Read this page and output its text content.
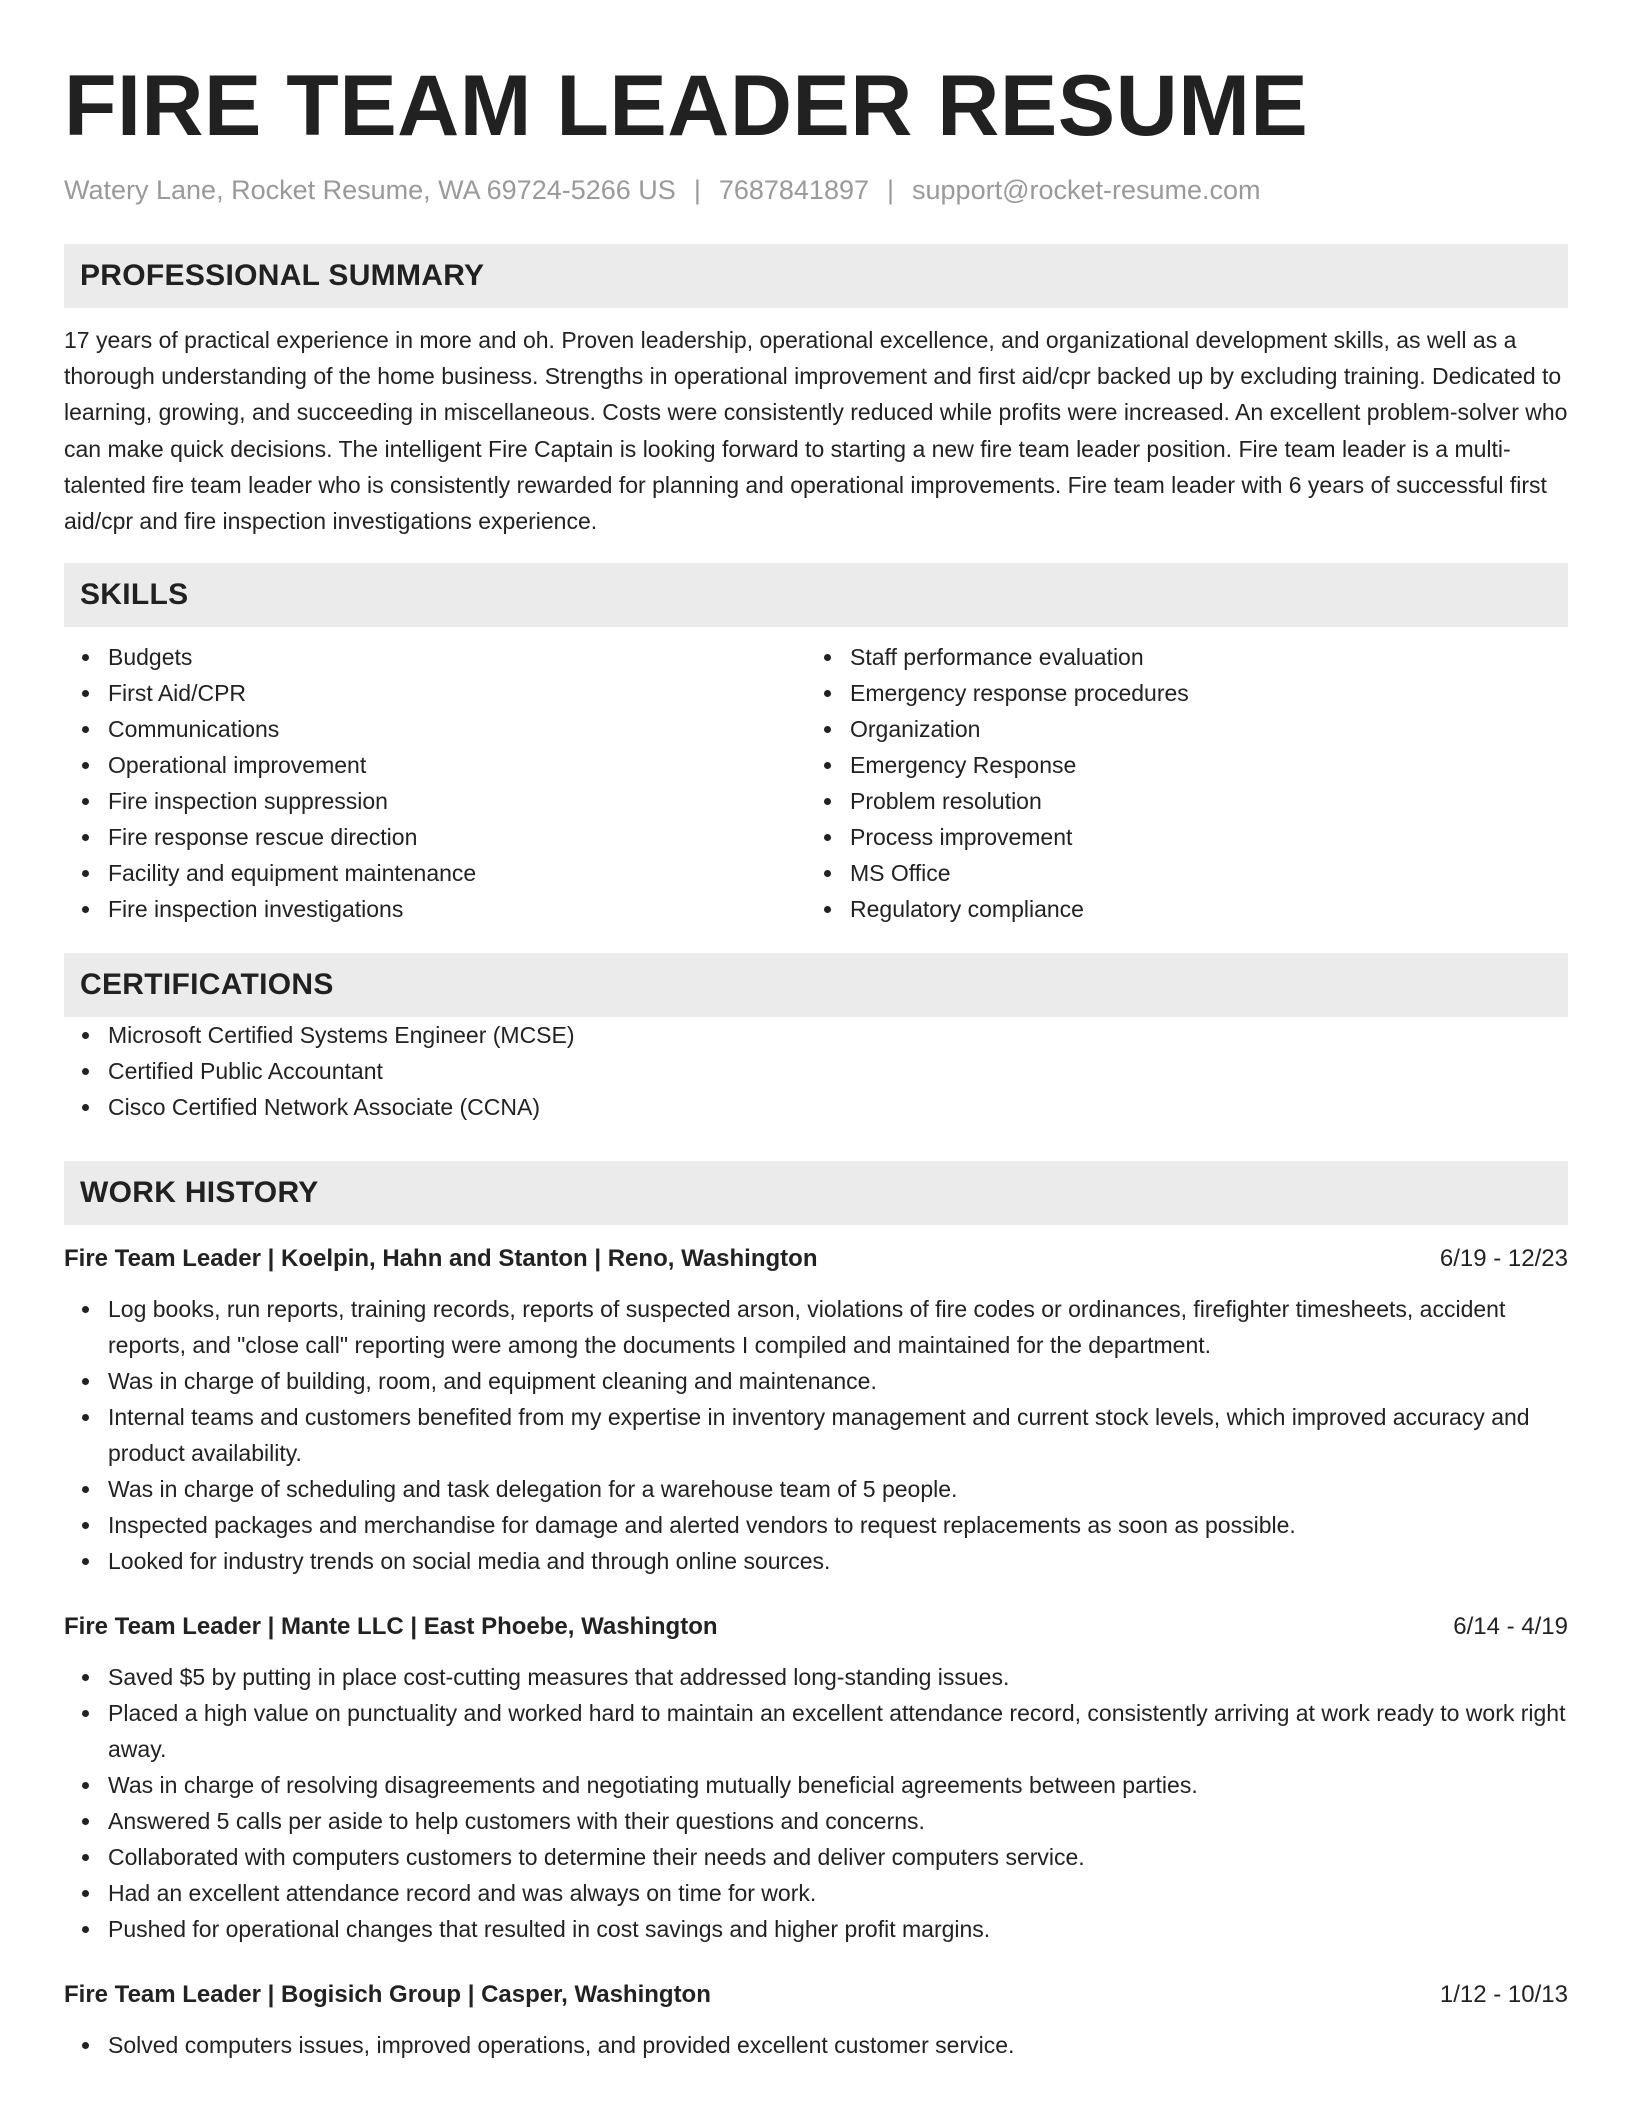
FIRE TEAM LEADER RESUME
Watery Lane, Rocket Resume, WA 69724-5266 US | 7687841897 | support@rocket-resume.com
PROFESSIONAL SUMMARY

17 years of practical experience in more and oh. Proven leadership, operational excellence, and organizational development skills, as well as a thorough understanding of the home business. Strengths in operational improvement and first aid/cpr backed up by excluding training. Dedicated to learning, growing, and succeeding in miscellaneous. Costs were consistently reduced while profits were increased. An excellent problem-solver who can make quick decisions. The intelligent Fire Captain is looking forward to starting a new fire team leader position. Fire team leader is a multi-talented fire team leader who is consistently rewarded for planning and operational improvements. Fire team leader with 6 years of successful first aid/cpr and fire inspection investigations experience.

SKILLS
Budgets
First Aid/CPR
Communications
Operational improvement
Fire inspection suppression
Fire response rescue direction
Facility and equipment maintenance
Fire inspection investigations
Staff performance evaluation
Emergency response procedures
Organization
Emergency Response
Problem resolution
Process improvement
MS Office
Regulatory compliance
CERTIFICATIONS
Microsoft Certified Systems Engineer (MCSE)
Certified Public Accountant
Cisco Certified Network Associate (CCNA)
WORK HISTORY
Fire Team Leader | Koelpin, Hahn and Stanton | Reno, Washington	6/19 - 12/23
Log books, run reports, training records, reports of suspected arson, violations of fire codes or ordinances, firefighter timesheets, accident reports, and "close call" reporting were among the documents I compiled and maintained for the department.
Was in charge of building, room, and equipment cleaning and maintenance.
Internal teams and customers benefited from my expertise in inventory management and current stock levels, which improved accuracy and product availability.
Was in charge of scheduling and task delegation for a warehouse team of 5 people.
Inspected packages and merchandise for damage and alerted vendors to request replacements as soon as possible.
Looked for industry trends on social media and through online sources.
Fire Team Leader | Mante LLC | East Phoebe, Washington	6/14 - 4/19
Saved $5 by putting in place cost-cutting measures that addressed long-standing issues.
Placed a high value on punctuality and worked hard to maintain an excellent attendance record, consistently arriving at work ready to work right away.
Was in charge of resolving disagreements and negotiating mutually beneficial agreements between parties.
Answered 5 calls per aside to help customers with their questions and concerns.
Collaborated with computers customers to determine their needs and deliver computers service.
Had an excellent attendance record and was always on time for work.
Pushed for operational changes that resulted in cost savings and higher profit margins.
Fire Team Leader | Bogisich Group | Casper, Washington	1/12 - 10/13
Solved computers issues, improved operations, and provided excellent customer service.
